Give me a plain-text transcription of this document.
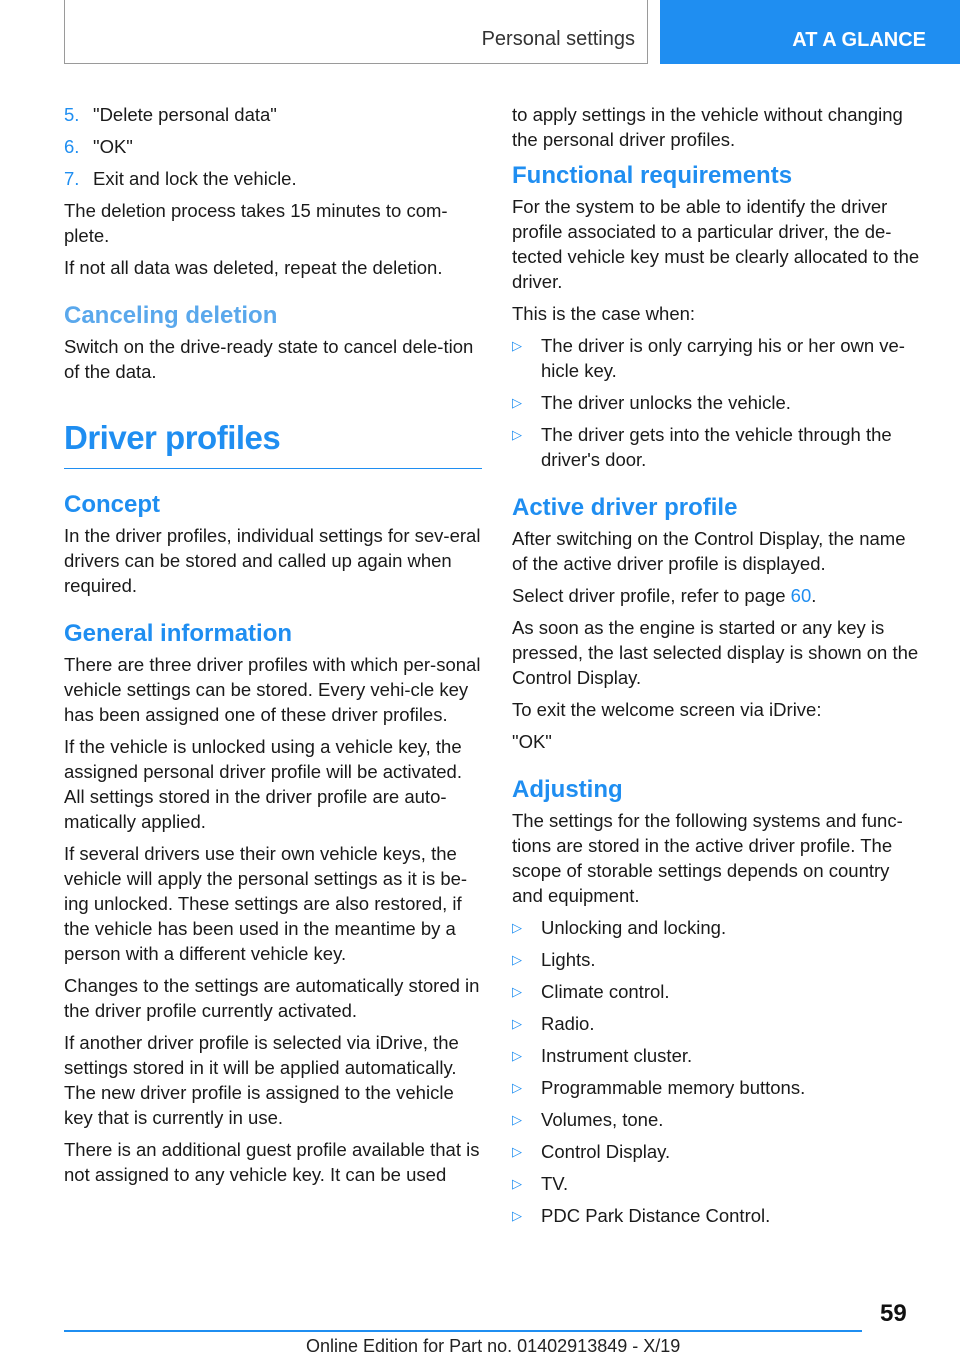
Personal settings	AT A GLANCE
5. "Delete personal data"
6. "OK"
7. Exit and lock the vehicle.

The deletion process takes 15 minutes to com‐plete.

If not all data was deleted, repeat the deletion.

Canceling deletion

Switch on the drive-ready state to cancel dele‐tion of the data.

Driver profiles
Concept

In the driver profiles, individual settings for sev‐eral drivers can be stored and called up again when required.

General information

There are three driver profiles with which per‐sonal vehicle settings can be stored. Every vehi‐cle key has been assigned one of these driver profiles.

If the vehicle is unlocked using a vehicle key, the assigned personal driver profile will be activated. All settings stored in the driver profile are auto‐matically applied.

If several drivers use their own vehicle keys, the vehicle will apply the personal settings as it is be‐ing unlocked. These settings are also restored, if the vehicle has been used in the meantime by a person with a different vehicle key.

Changes to the settings are automatically stored in the driver profile currently activated.

If another driver profile is selected via iDrive, the settings stored in it will be applied automatically. The new driver profile is assigned to the vehicle key that is currently in use.

There is an additional guest profile available that is not assigned to any vehicle key. It can be used

to apply settings in the vehicle without changing the personal driver profiles.

Functional requirements

For the system to be able to identify the driver profile associated to a particular driver, the de‐tected vehicle key must be clearly allocated to the driver.

This is the case when:

▷	The driver is only carrying his or her own ve‐hicle key.
▷	The driver unlocks the vehicle.
▷	The driver gets into the vehicle through the driver's door.
Active driver profile

After switching on the Control Display, the name of the active driver profile is displayed.

Select driver profile, refer to page 60.

As soon as the engine is started or any key is pressed, the last selected display is shown on the Control Display.

To exit the welcome screen via iDrive:

"OK"

Adjusting

The settings for the following systems and func‐tions are stored in the active driver profile. The scope of storable settings depends on country and equipment.

▷	Unlocking and locking.
▷	Lights.
▷	Climate control.
▷	Radio.
▷	Instrument cluster.
▷	Programmable memory buttons.
▷	Volumes, tone.
▷	Control Display.
▷	TV.
▷	PDC Park Distance Control.
59
Online Edition for Part no. 01402913849 - X/19
